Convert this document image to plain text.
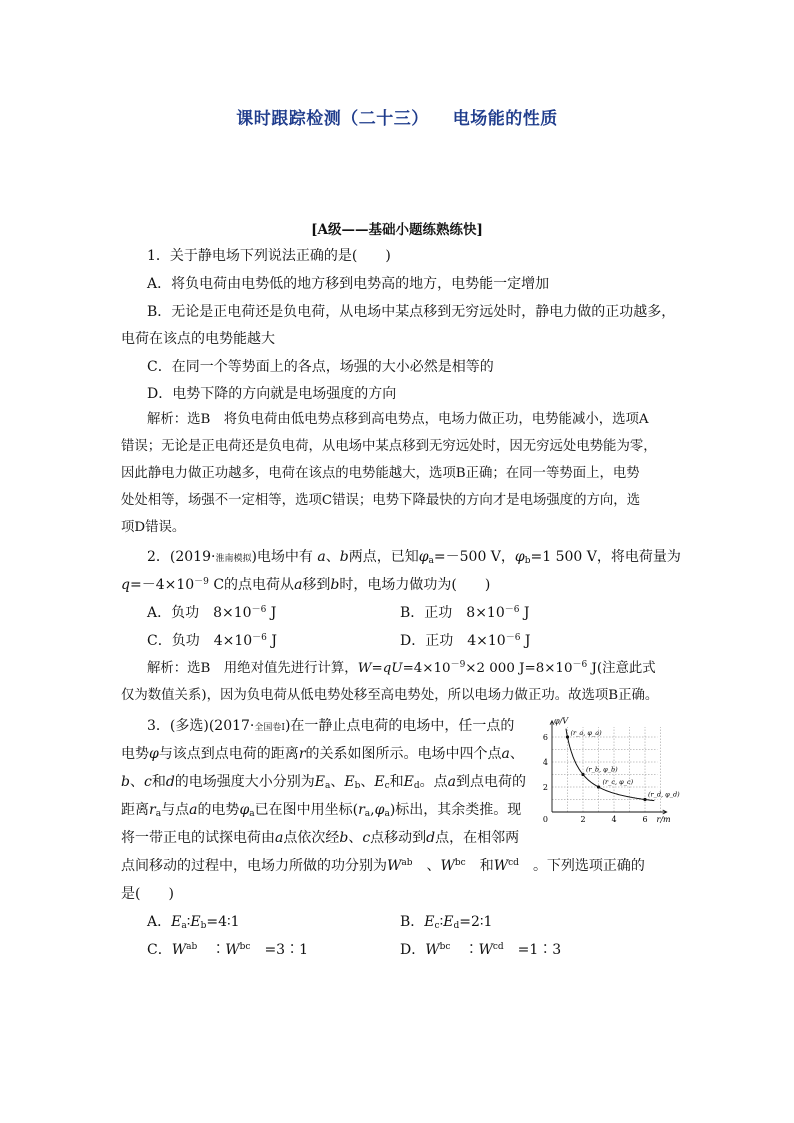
课时跟踪检测（二十三） 电场能的性质
[A级——基础小题练熟练快]
1．关于静电场下列说法正确的是(　　)
A．将负电荷由电势低的地方移到电势高的地方，电势能一定增加
B．无论是正电荷还是负电荷，从电场中某点移到无穷远处时，静电力做的正功越多，
电荷在该点的电势能越大
C．在同一个等势面上的各点，场强的大小必然是相等的
D．电势下降的方向就是电场强度的方向
解析：选B　将负电荷由低电势点移到高电势点，电场力做正功，电势能减小，选项A
错误；无论是正电荷还是负电荷，从电场中某点移到无穷远处时，因无穷远处电势能为零，
因此静电力做正功越多，电荷在该点的电势能越大，选项B正确；在同一等势面上，电势
处处相等，场强不一定相等，选项C错误；电势下降最快的方向才是电场强度的方向，选
项D错误。
2．(2019·淮南模拟)电场中有 a、b两点，已知$\varphi_a=-500$ V，$\varphi_b=1$ 500 V，将电荷量为
$q=-4\times 10^{-9}$ C的点电荷从a移到b时，电场力做功为(　　)
A．负功　$8\times 10^{-6}$ J	B．正功　$8\times 10^{-6}$ J
C．负功　$4\times 10^{-6}$ J	D．正功　$4\times 10^{-6}$ J
解析：选B　用绝对值先进行计算，$W=qU=4\times 10^{-9}\times 2$ 000 $J=8\times 10^{-6}$ J(注意此式
仅为数值关系)，因为负电荷从低电势处移至高电势处，所以电场力做正功。故选项B正确。
3．(多选)(2017·全国卷Ⅰ)在一静止点电荷的电场中，任一点的
电势φ与该点到点电荷的距离r的关系如图所示。电场中四个点a、
b、c和d的电场强度大小分别为$E_a$、$E_b$、$E_c$和$E_d$。点a到点电荷的
距离$r_a$与点a的电势$\varphi_a$已在图中用坐标$(r_a,\varphi_a)$标出，其余类推。现
将一带正电的试探电荷由a点依次经b、c点移动到d点，在相邻两
点间移动的过程中，电场力所做的功分别为$W^{ab}$　、$W^{bc}$　和$W^{cd}$　 。下列选项正确的
是(　　)
A．$E_a∶E_b=4∶1$	B．$E_c∶E_d=2∶1$
C．$W^{ab}$　$∶W^{bc}$　 =3∶1	D．$W^{bc}$　$∶W^{cd}$　 =1∶3
2	4	6
2
4
6
0
φ/V
r/m
(r_a, φ_a)
(r_b, φ_b)
(r_c, φ_c)
(r_d, φ_d)
